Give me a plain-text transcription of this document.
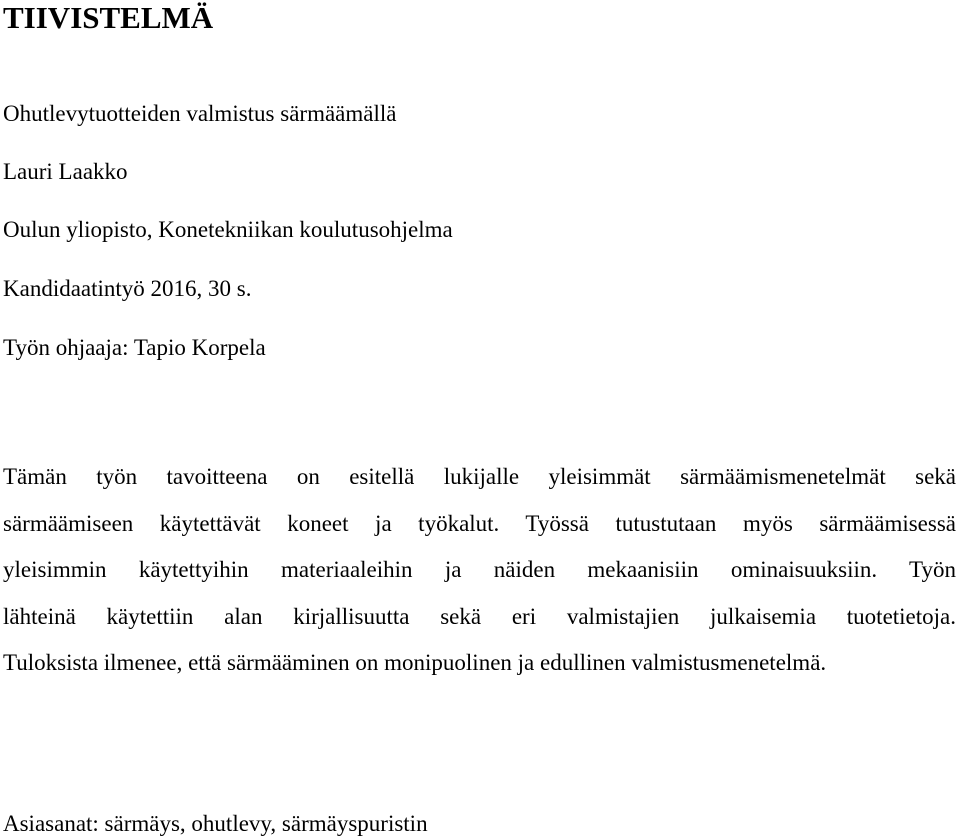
TIIVISTELMÄ

Ohutlevytuotteiden valmistus särmäämällä

Lauri Laakko

Oulun yliopisto, Konetekniikan koulutusohjelma

Kandidaatintyö 2016, 30 s.

Työn ohjaaja: Tapio Korpela

Tämän työn tavoitteena on esitellä lukijalle yleisimmät särmäämismenetelmät sekä
särmäämiseen käytettävät koneet ja työkalut. Työssä tutustutaan myös särmäämisessä
yleisimmin käytettyihin materiaaleihin ja näiden mekaanisiin ominaisuuksiin. Työn
lähteinä käytettiin alan kirjallisuutta sekä eri valmistajien julkaisemia tuotetietoja.
Tuloksista ilmenee, että särmääminen on monipuolinen ja edullinen valmistusmenetelmä.

Asiasanat: särmäys, ohutlevy, särmäyspuristin
